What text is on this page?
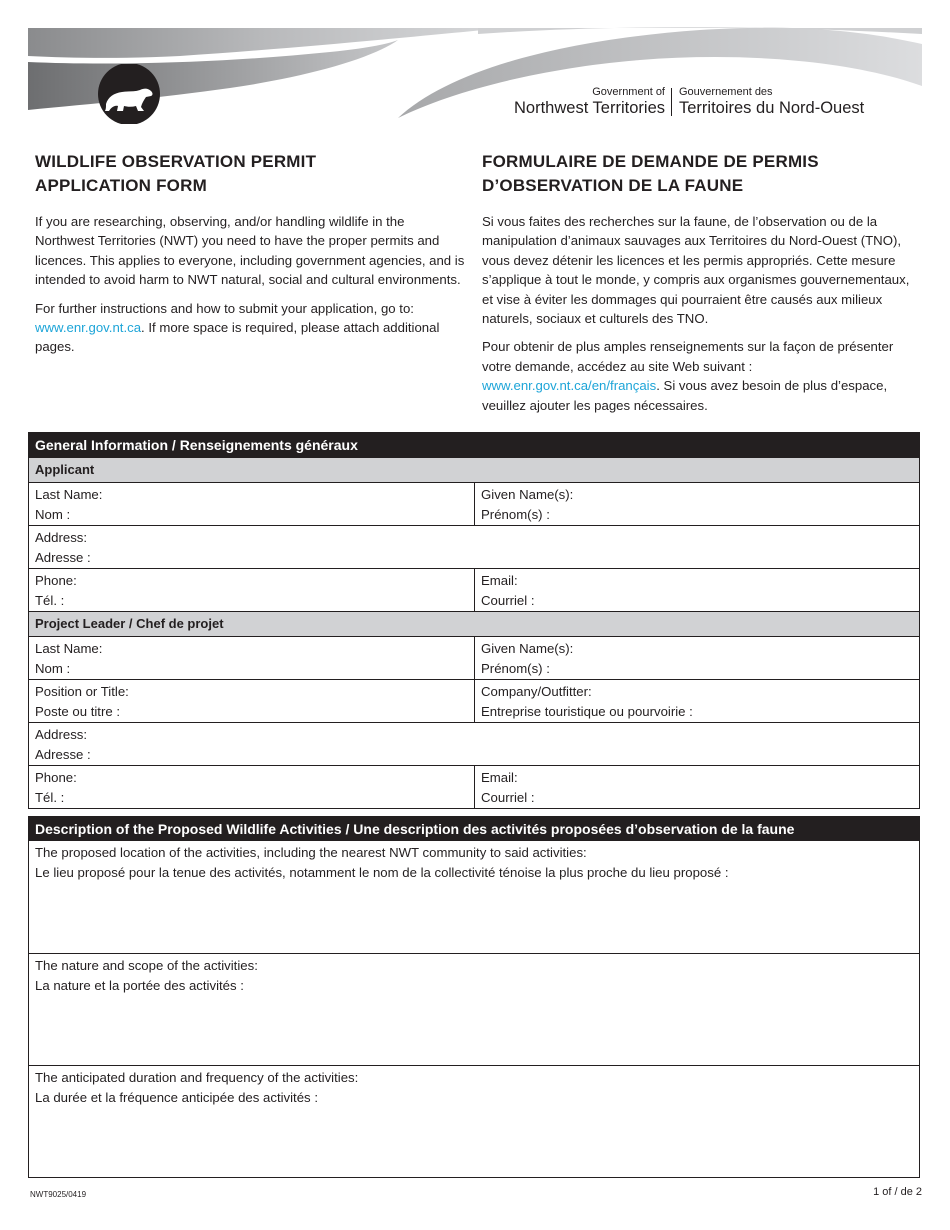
Government of
Northwest Territories
Gouvernement des
Territoires du Nord-Ouest
WILDLIFE OBSERVATION PERMIT
APPLICATION FORM

If you are researching, observing, and/or handling wildlife in the Northwest Territories (NWT) you need to have the proper permits and licences. This applies to everyone, including government agencies, and is intended to avoid harm to NWT natural, social and cultural environments.

For further instructions and how to submit your application, go to: www.enr.gov.nt.ca. If more space is required, please attach additional pages.

FORMULAIRE DE DEMANDE DE PERMIS
D’OBSERVATION DE LA FAUNE

Si vous faites des recherches sur la faune, de l’observation ou de la manipulation d’animaux sauvages aux Territoires du Nord-Ouest (TNO), vous devez détenir les licences et les permis appropriés. Cette mesure s’applique à tout le monde, y compris aux organismes gouvernementaux, et vise à éviter les dommages qui pourraient être causés aux milieux naturels, sociaux et culturels des TNO.

Pour obtenir de plus amples renseignements sur la façon de présenter votre demande, accédez au site Web suivant : www.enr.gov.nt.ca/en/français. Si vous avez besoin de plus d’espace, veuillez ajouter les pages nécessaires.

General Information / Renseignements généraux
Applicant
Last Name:
Nom :
Given Name(s):
Prénom(s) :
Address:
Adresse :
Phone:
Tél. :
Email:
Courriel :
Project Leader / Chef de projet
Last Name:
Nom :
Given Name(s):
Prénom(s) :
Position or Title:
Poste ou titre :
Company/Outfitter:
Entreprise touristique ou pourvoirie :
Address:
Adresse :
Phone:
Tél. :
Email:
Courriel :
Description of the Proposed Wildlife Activities / Une description des activités proposées d’observation de la faune
The proposed location of the activities, including the nearest NWT community to said activities:
Le lieu proposé pour la tenue des activités, notamment le nom de la collectivité ténoise la plus proche du lieu proposé :
The nature and scope of the activities:
La nature et la portée des activités :
The anticipated duration and frequency of the activities:
La durée et la fréquence anticipée des activités :
NWT9025/0419	1 of / de 2
